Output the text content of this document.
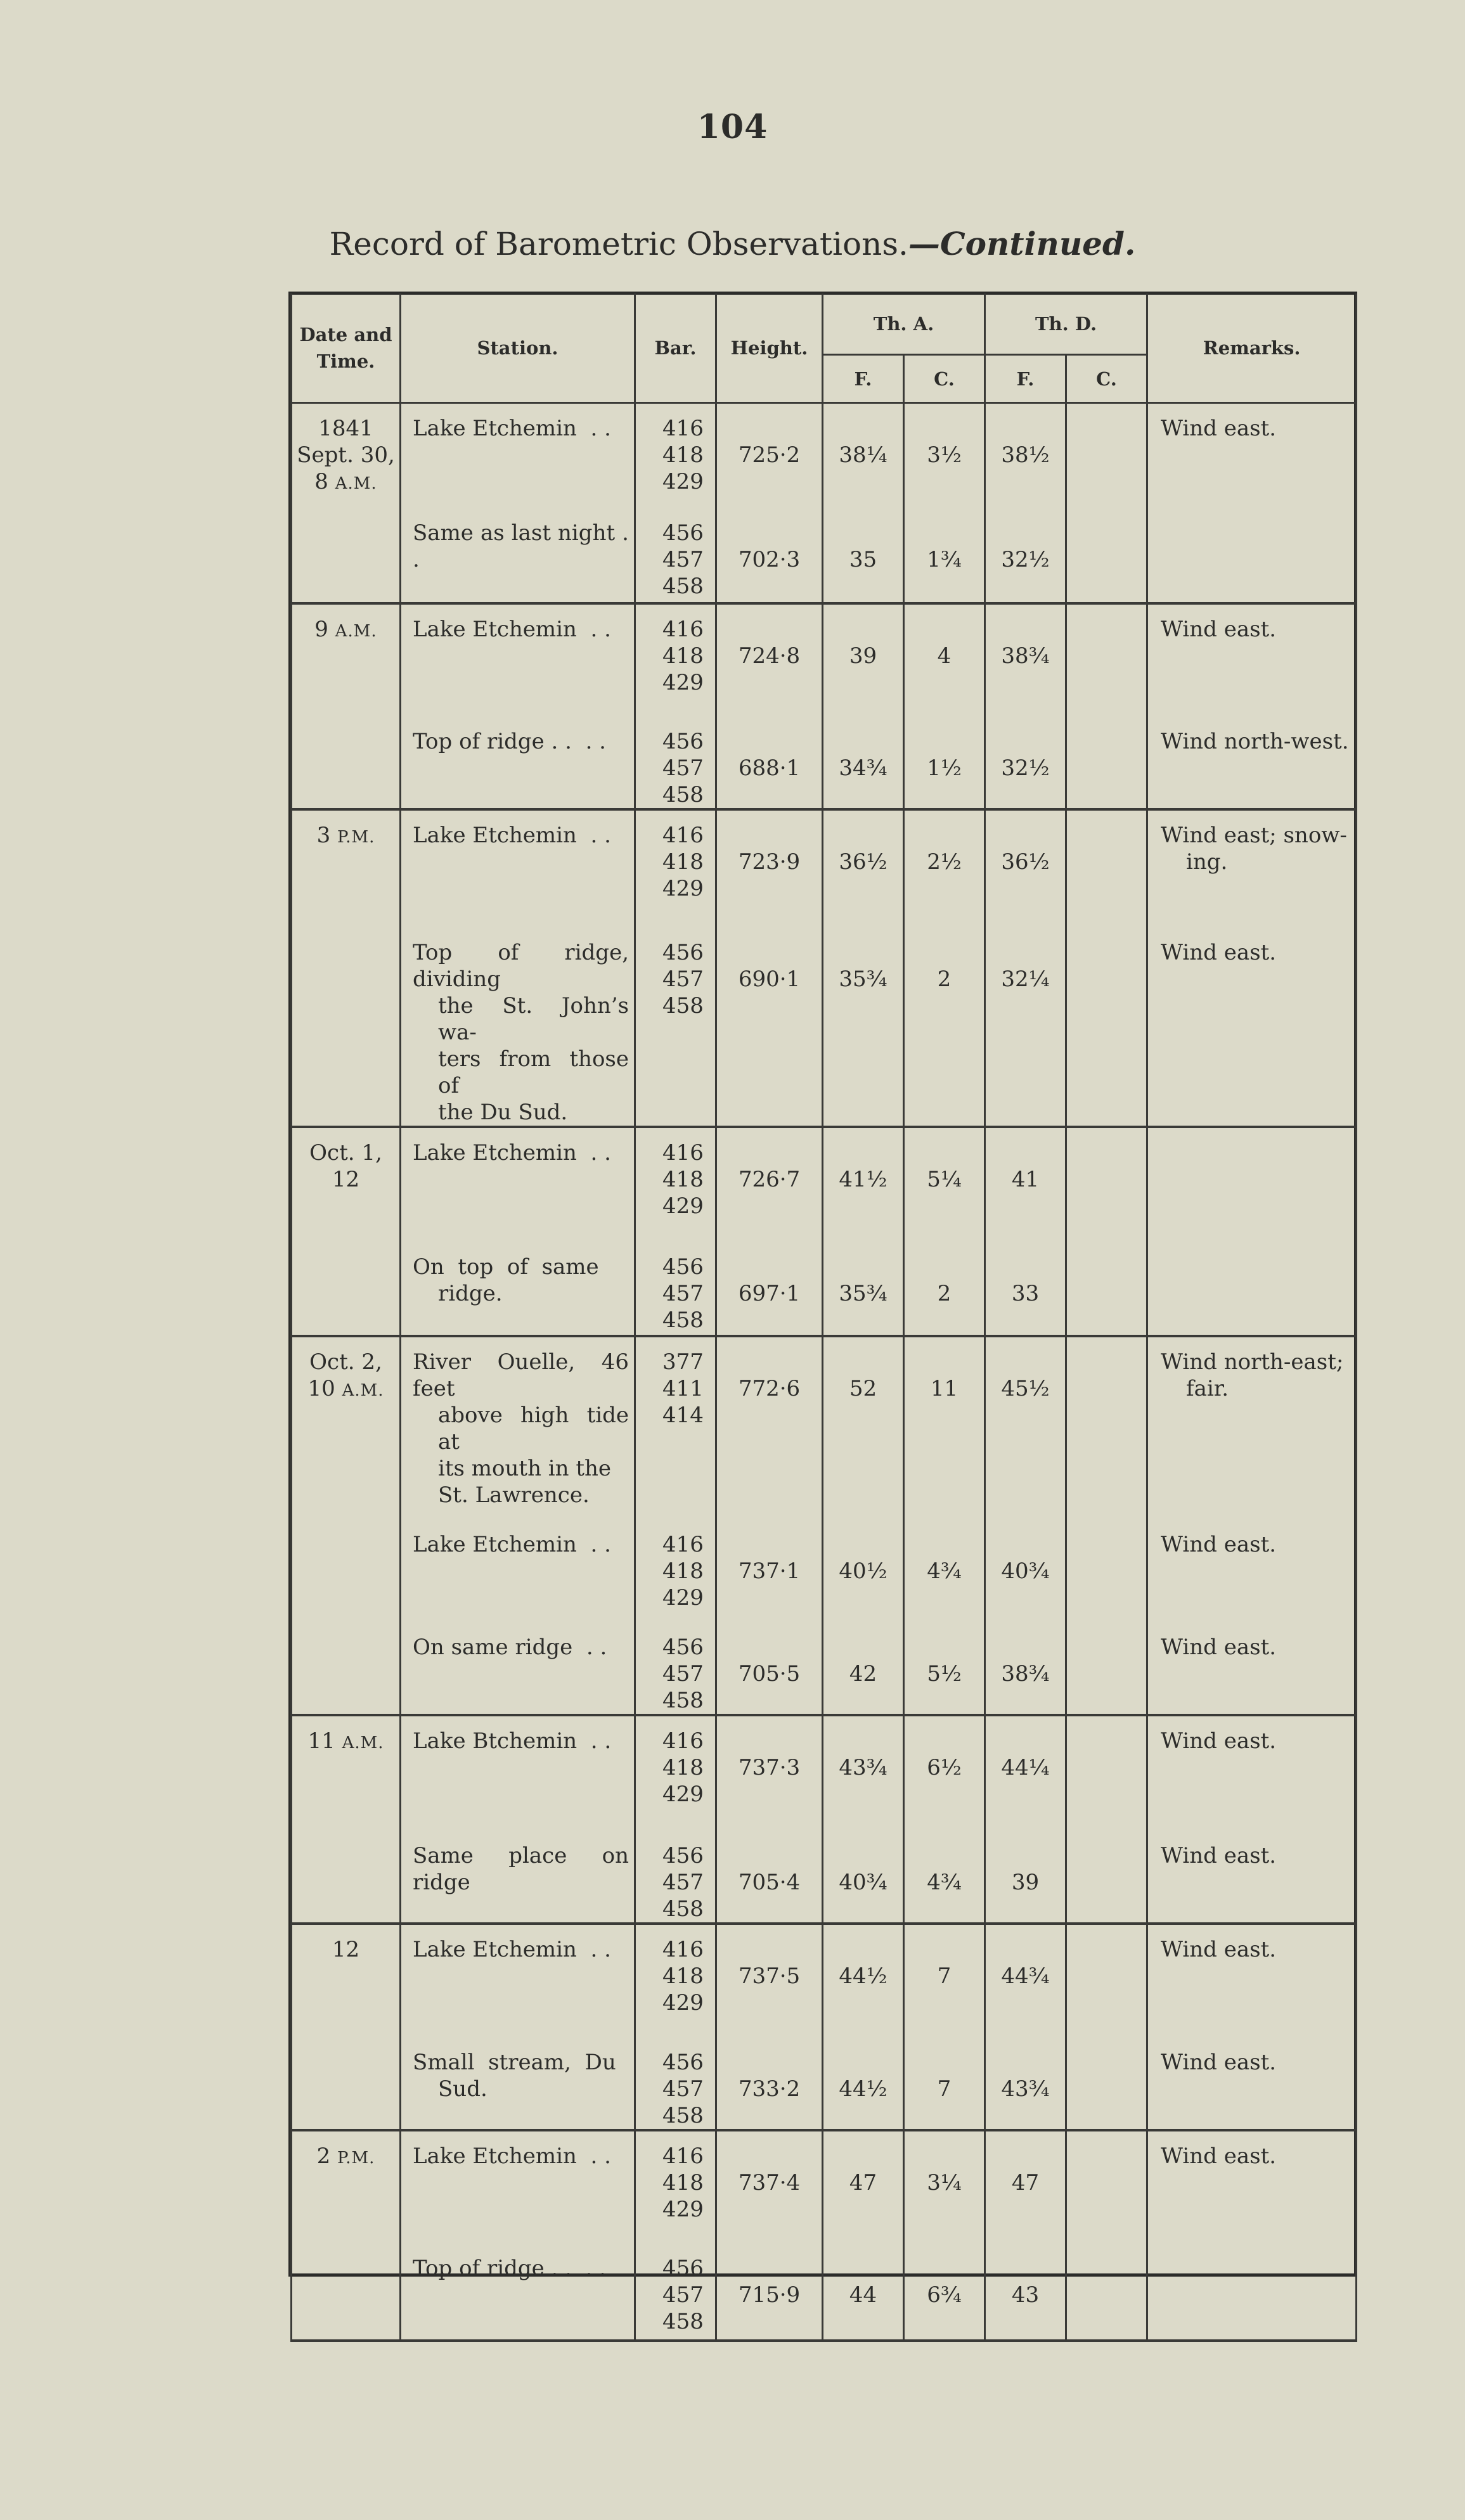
104
Record of Barometric Observations.—Continued.
Date and Time.	Station.	Bar.	Height.	Th. A.		Th. D.		Remarks.
				F.	C.	F.	C.	

1841
Sept. 30,
8 A.M.	Lake Etchemin  . .	416
418
429	725·2	38¼	3½	38½		Wind east.

	Same as last night . .	456
457
458	702·3	35	1¾	32½		

9 A.M.	Lake Etchemin  . .	416
418
429	724·8	39	4	38¾		Wind east.

	Top of ridge . .  . .	456
457
458	688·1	34¾	1½	32½		Wind north-west.

3 P.M.	Lake Etchemin  . .	416
418
429	723·9	36½	2½	36½		Wind east; snow-
ing.

	Top of ridge, dividing
the St. John’s wa-
ters from those of
the Du Sud.	456
457
458	690·1	35¾	2	32¼		Wind east.

Oct. 1,
12	Lake Etchemin  . .	416
418
429	726·7	41½	5¼	41		

	On  top  of  same
ridge.	456
457
458	697·1	35¾	2	33		

Oct. 2,
10 A.M.	River Ouelle, 46 feet
above high tide at
its mouth in the
St. Lawrence.	377
411
414	772·6	52	11	45½		Wind north-east;
fair.

	Lake Etchemin  . .	416
418
429	737·1	40½	4¾	40¾		Wind east.

	On same ridge  . .	456
457
458	705·5	42	5½	38¾		Wind east.

11 A.M.	Lake Btchemin  . .	416
418
429	737·3	43¾	6½	44¼		Wind east.

	Same place on ridge	456
457
458	705·4	40¾	4¾	39		Wind east.

12	Lake Etchemin  . .	416
418
429	737·5	44½	7	44¾		Wind east.

	Small  stream,  Du
Sud.	456
457
458	733·2	44½	7	43¾		Wind east.

2 P.M.	Lake Etchemin  . .	416
418
429	737·4	47	3¼	47		Wind east.

	Top of ridge . .  . .	456
457
458	715·9	44	6¾	43		
